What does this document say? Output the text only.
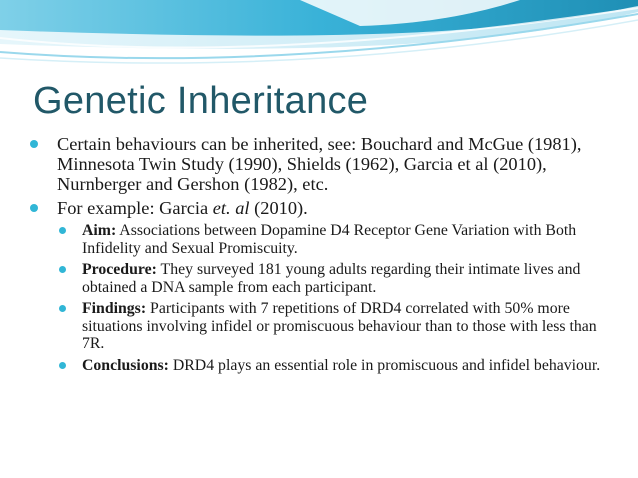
Genetic Inheritance
Certain behaviours can be inherited, see: Bouchard and McGue (1981), Minnesota Twin Study (1990), Shields (1962), Garcia et al (2010), Nurnberger and Gershon (1982), etc.
For example: Garcia et. al (2010).
Aim: Associations between Dopamine D4 Receptor Gene Variation with Both Infidelity and Sexual Promiscuity.
Procedure: They surveyed 181 young adults regarding their intimate lives and obtained a DNA sample from each participant.
Findings: Participants with 7 repetitions of DRD4 correlated with 50% more situations involving infidel or promiscuous behaviour than to those with less than 7R.
Conclusions: DRD4 plays an essential role in promiscuous and infidel behaviour.
